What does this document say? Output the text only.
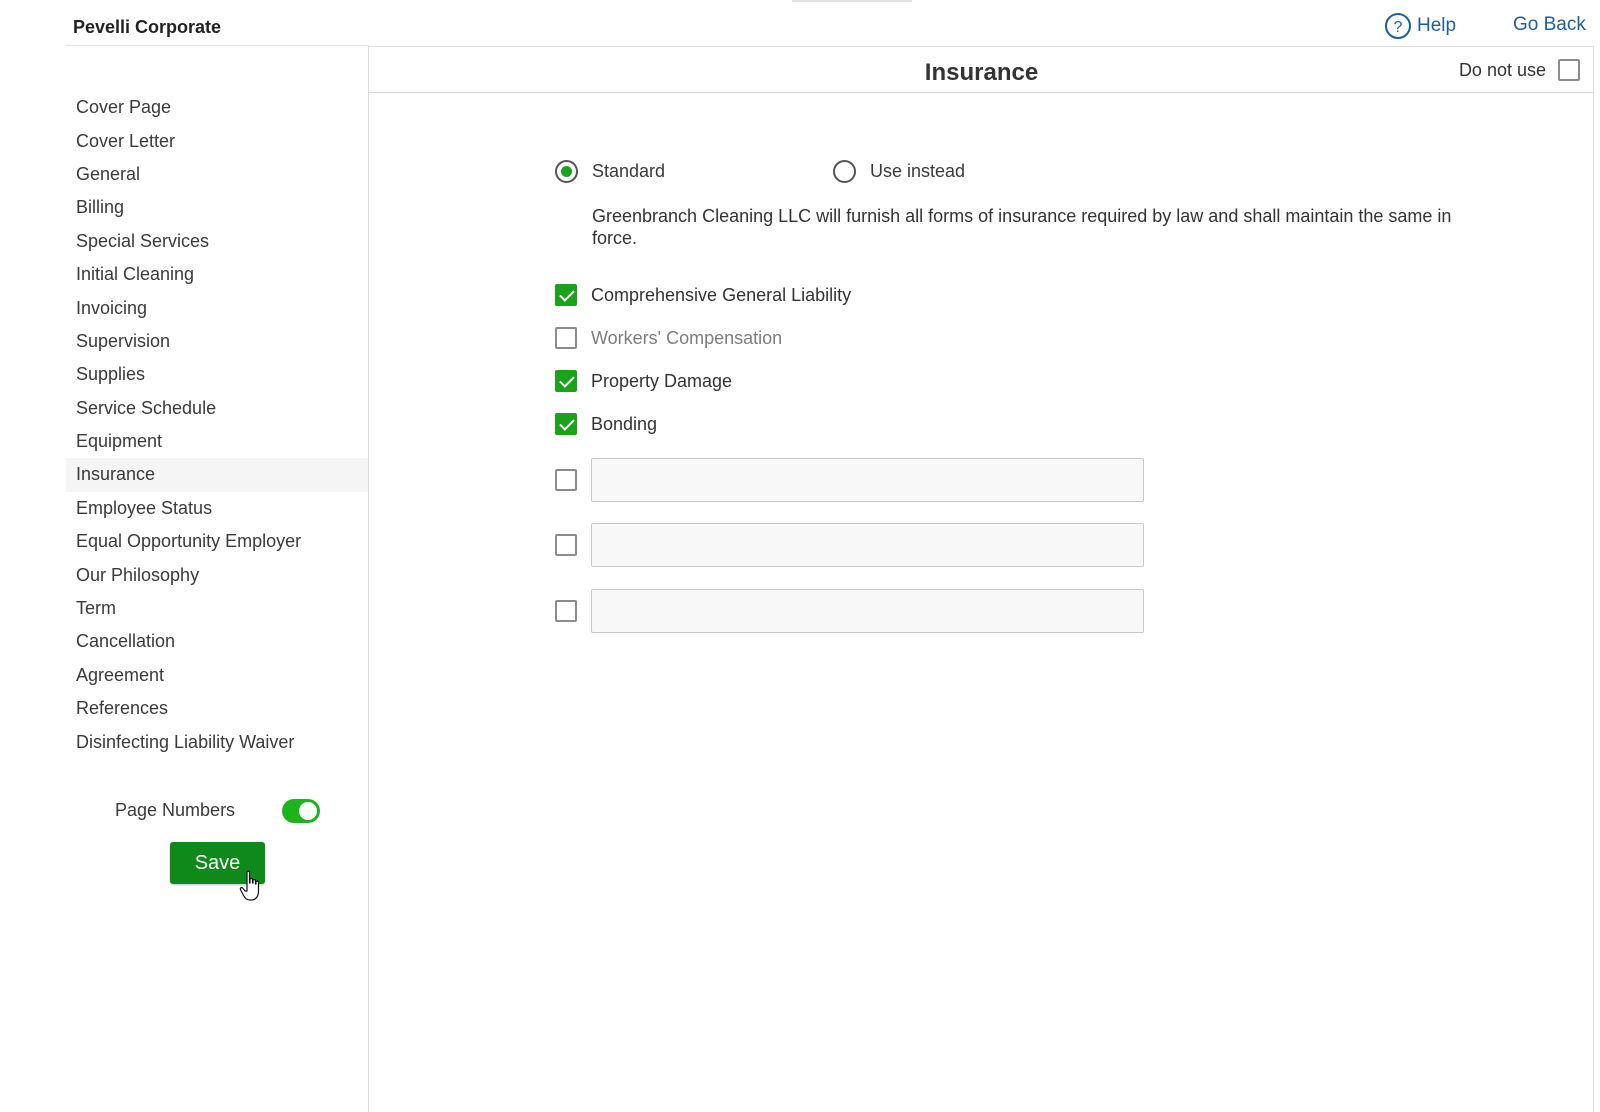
Pevelli Corporate	? Help	Go Back
Cover Page
Cover Letter
General
Billing
Special Services
Initial Cleaning
Invoicing
Supervision
Supplies
Service Schedule
Equipment
Insurance
Employee Status
Equal Opportunity Employer
Our Philosophy
Term
Cancellation
Agreement
References
Disinfecting Liability Waiver
Page Numbers
Save
Insurance	Do not use
Standard	Use instead

Greenbranch Cleaning LLC will furnish all forms of insurance required by law and shall maintain the same in force.

Comprehensive General Liability
Workers' Compensation
Property Damage
Bonding
